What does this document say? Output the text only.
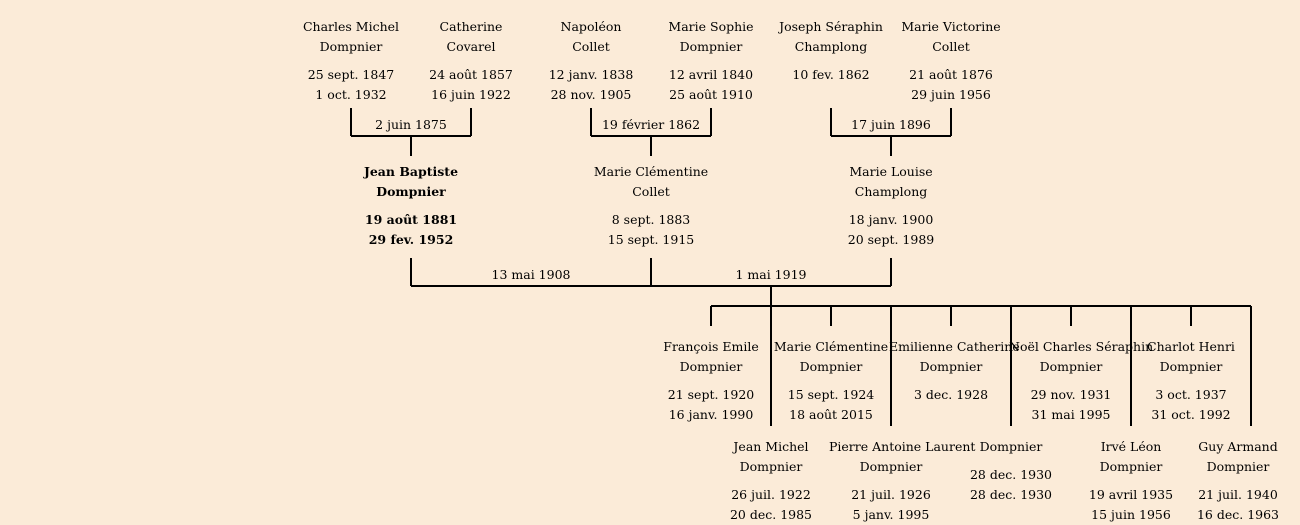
Charles Michel
Dompnier
25 sept. 1847
1 oct. 1932
Catherine
Covarel
24 août 1857
16 juin 1922
Napoléon
Collet
12 janv. 1838
28 nov. 1905
Marie Sophie
Dompnier
12 avril 1840
25 août 1910
Joseph Séraphin
Champlong
10 fev. 1862
Marie Victorine
Collet
21 août 1876
29 juin 1956
2 juin 1875	19 février 1862	17 juin 1896
Jean Baptiste
Dompnier
19 août 1881
29 fev. 1952
Marie Clémentine
Collet
8 sept. 1883
15 sept. 1915
Marie Louise
Champlong
18 janv. 1900
20 sept. 1989
13 mai 1908	1 mai 1919
François Emile
Dompnier
21 sept. 1920
16 janv. 1990
Marie Clémentine
Dompnier
15 sept. 1924
18 août 2015
Emilienne Catherine
Dompnier
3 dec. 1928
Noël Charles Séraphin
Dompnier
29 nov. 1931
31 mai 1995
Charlot Henri
Dompnier
3 oct. 1937
31 oct. 1992
Jean Michel
Dompnier
26 juil. 1922
20 dec. 1985
Pierre Antoine Laurent
Dompnier
21 juil. 1926
5 janv. 1995
Dompnier
28 dec. 1930
28 dec. 1930
Irvé Léon
Dompnier
19 avril 1935
15 juin 1956
Guy Armand
Dompnier
21 juil. 1940
16 dec. 1963
